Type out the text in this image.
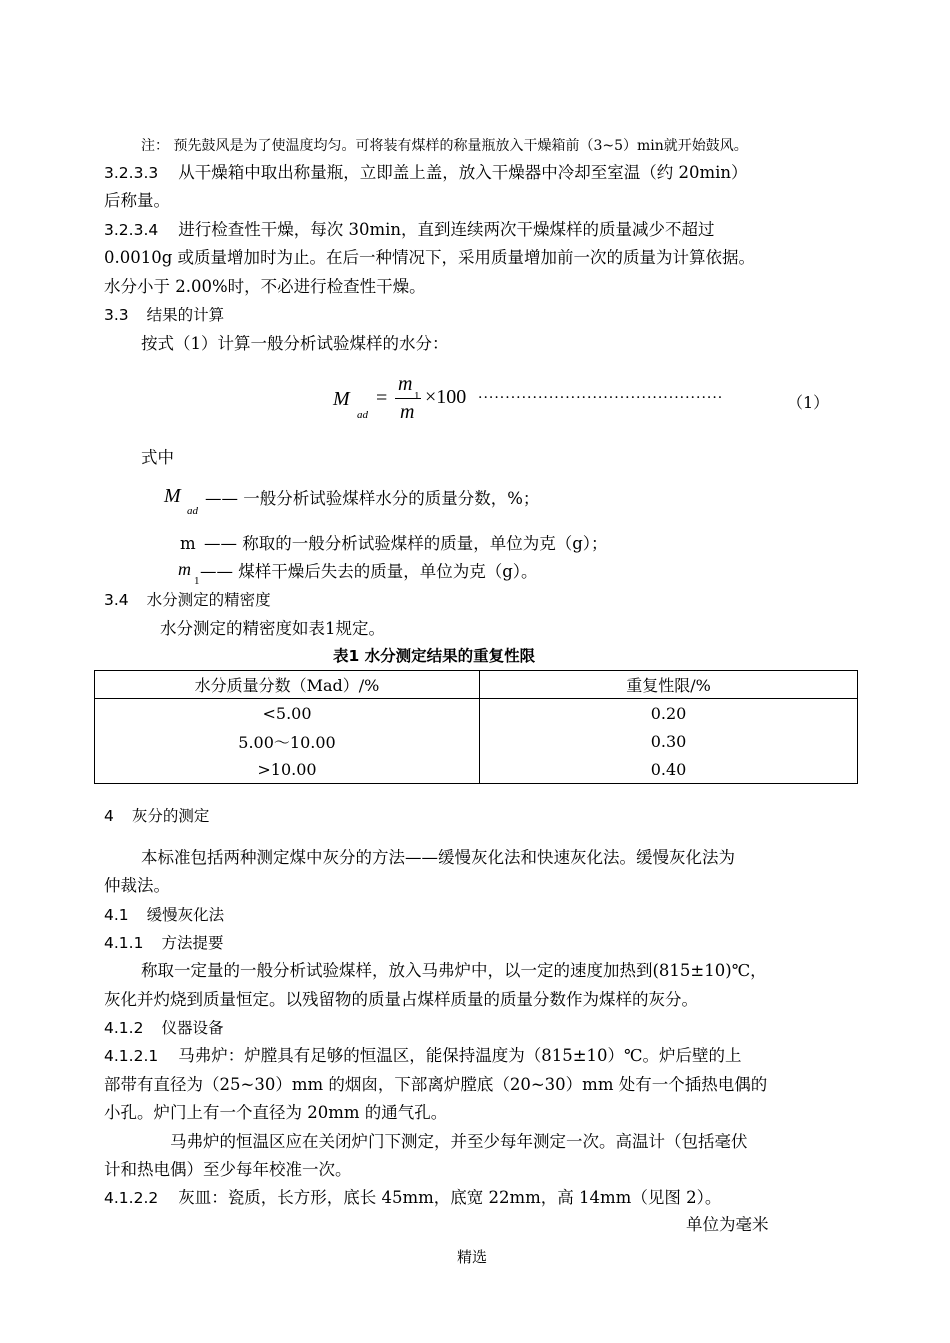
注： 预先鼓风是为了使温度均匀。可将装有煤样的称量瓶放入干燥箱前（3~5）min就开始鼓风。
3.2.3.3 从干燥箱中取出称量瓶，立即盖上盖，放入干燥器中冷却至室温（约 20min）
后称量。
3.2.3.4 进行检查性干燥，每次 30min，直到连续两次干燥煤样的质量减少不超过
0.0010g 或质量增加时为止。在后一种情况下，采用质量增加前一次的质量为计算依据。
水分小于 2.00%时，不必进行检查性干燥。
3.3 结果的计算
按式（1）计算一般分析试验煤样的水分：
M
ad
=
m
1
m
×100 ·············································	（1）
式中
M
ad
—— 一般分析试验煤样水分的质量分数，%；
m —— 称取的一般分析试验煤样的质量，单位为克（g）；
m
1 —— 煤样干燥后失去的质量，单位为克（g）。
3.4 水分测定的精密度
水分测定的精密度如表1规定。
表1 水分测定结果的重复性限
水分质量分数（Mad）/%	重复性限/%
<5.00	0.20
5.00～10.00	0.30
>10.00	0.40
4 灰分的测定
本标准包括两种测定煤中灰分的方法——缓慢灰化法和快速灰化法。缓慢灰化法为
仲裁法。
4.1 缓慢灰化法
4.1.1 方法提要
称取一定量的一般分析试验煤样，放入马弗炉中，以一定的速度加热到(815±10)℃，
灰化并灼烧到质量恒定。以残留物的质量占煤样质量的质量分数作为煤样的灰分。
4.1.2 仪器设备
4.1.2.1 马弗炉：炉膛具有足够的恒温区，能保持温度为（815±10）℃。炉后壁的上
部带有直径为（25~30）mm 的烟囱，下部离炉膛底（20~30）mm 处有一个插热电偶的
小孔。炉门上有一个直径为 20mm 的通气孔。
马弗炉的恒温区应在关闭炉门下测定，并至少每年测定一次。高温计（包括毫伏
计和热电偶）至少每年校准一次。
4.1.2.2 灰皿：瓷质，长方形，底长 45mm，底宽 22mm，高 14mm（见图 2）。
单位为毫米
精选
